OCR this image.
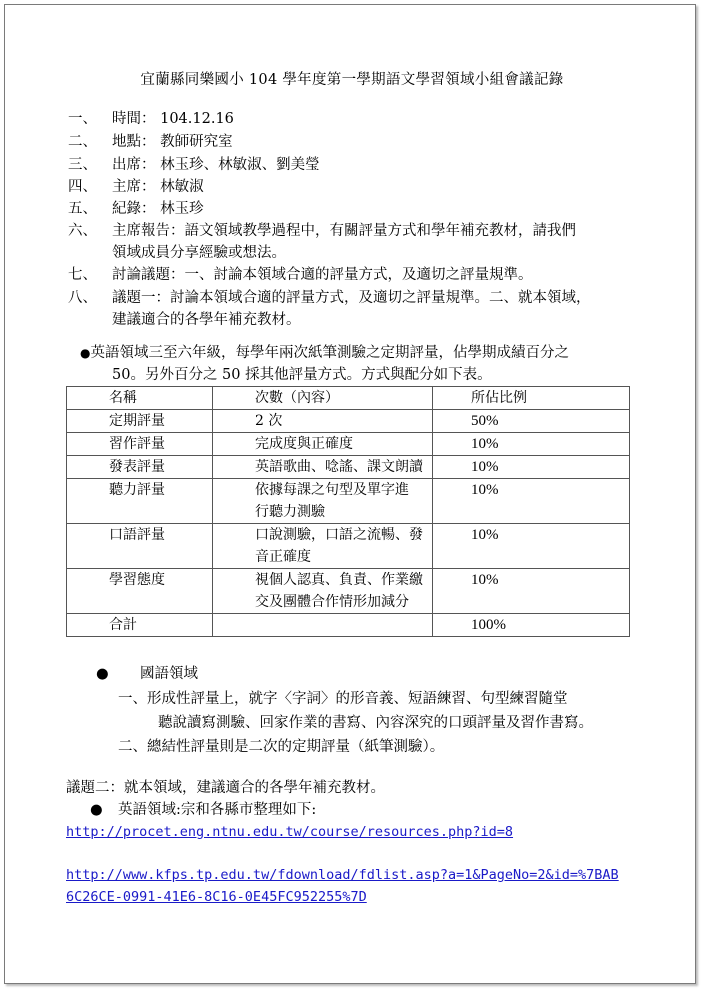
宜蘭縣同樂國小 104 學年度第一學期語文學習領域小組會議記錄
一、 時間： 104.12.16
二、 地點： 教師研究室
三、 出席： 林玉珍、林敏淑、劉美瑩
四、 主席： 林敏淑
五、 紀錄： 林玉珍
六、 主席報告：語文領域教學過程中，有關評量方式和學年補充教材，請我們
領域成員分享經驗或想法。
七、 討論議題：一、討論本領域合適的評量方式，及適切之評量規準。
八、 議題一：討論本領域合適的評量方式，及適切之評量規準。二、就本領域，
建議適合的各學年補充教材。
●英語領域三至六年級，每學年兩次紙筆測驗之定期評量，佔學期成績百分之
50。另外百分之 50 採其他評量方式。方式與配分如下表。
名稱	次數（內容）	所佔比例
定期評量	2 次	50%
習作評量	完成度與正確度	10%
發表評量	英語歌曲、唸謠、課文朗讀	10%
聽力評量	依據每課之句型及單字進
行聽力測驗	10%
口語評量	口說測驗，口語之流暢、發
音正確度	10%
學習態度	視個人認真、負責、作業繳
交及團體合作情形加減分	10%
合計		100%
● 國語領域
一、形成性評量上，就字〈字詞〉的形音義、短語練習、句型練習隨堂
聽說讀寫測驗、回家作業的書寫、內容深究的口頭評量及習作書寫。
二、總結性評量則是二次的定期評量（紙筆測驗）。
議題二：就本領域，建議適合的各學年補充教材。
● 英語領域:宗和各縣市整理如下:
http://procet.eng.ntnu.edu.tw/course/resources.php?id=8
http://www.kfps.tp.edu.tw/fdownload/fdlist.asp?a=1&PageNo=2&id=%7BAB
6C26CE-0991-41E6-8C16-0E45FC952255%7D
